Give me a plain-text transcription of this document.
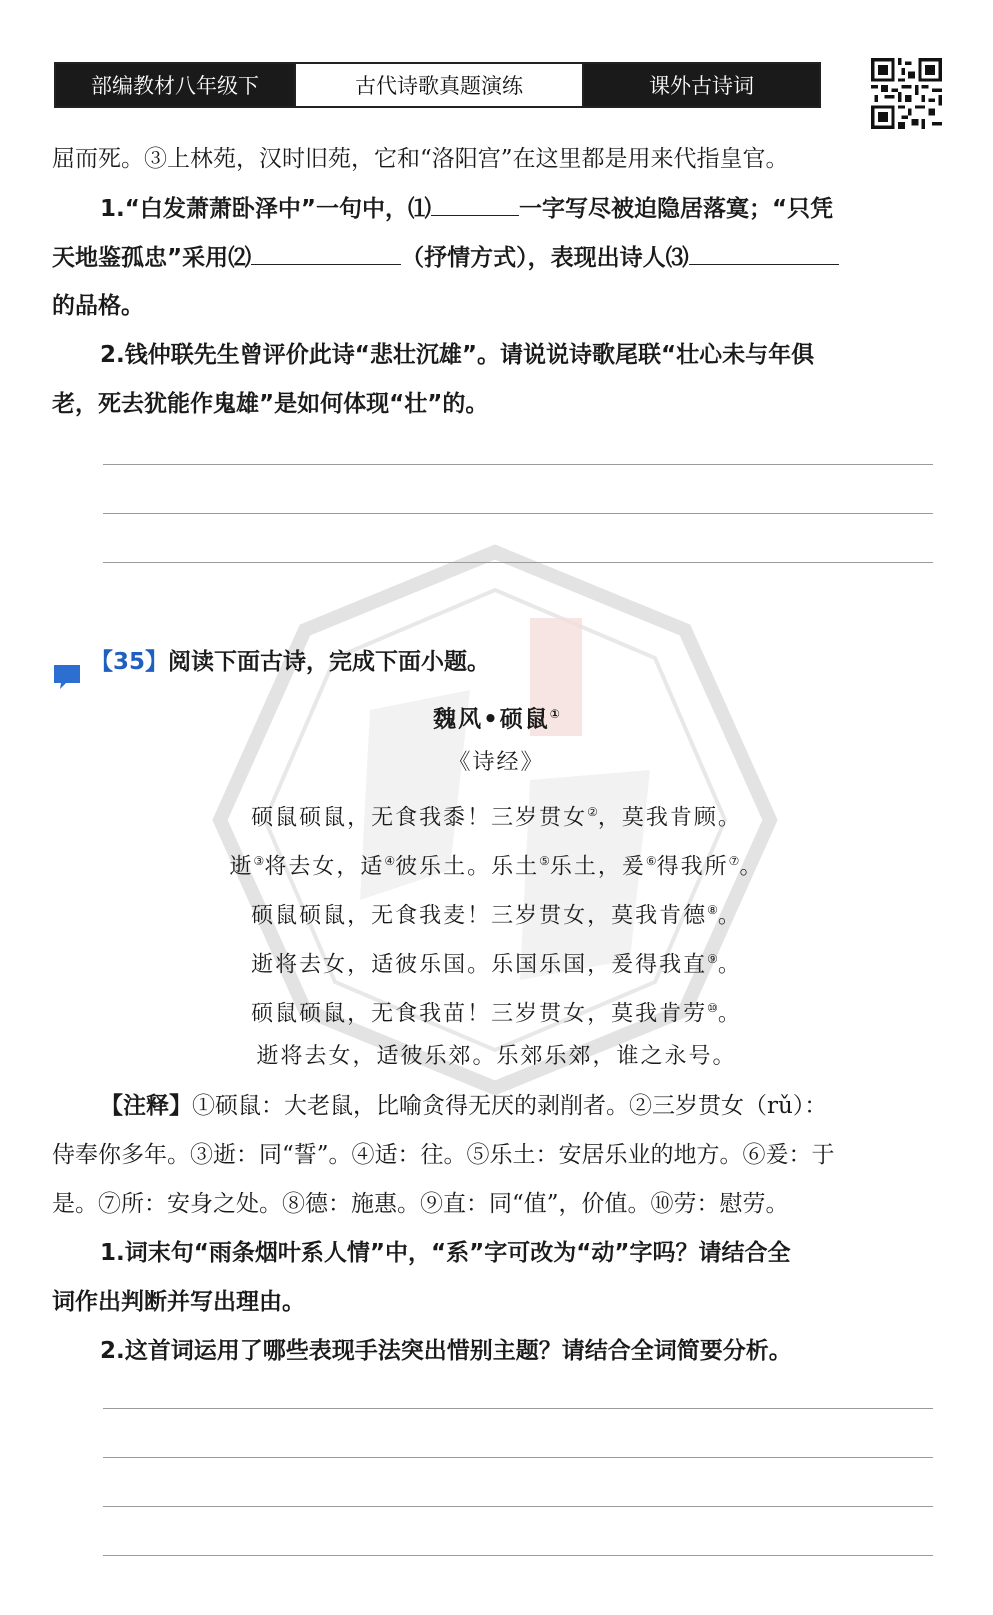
部编教材八年级下	古代诗歌真题演练	课外古诗词
屈而死。③上林苑，汉时旧苑，它和“洛阳宫”在这里都是用来代指皇官。
1.“白发萧萧卧泽中”一句中，⑴	一字写尽被迫隐居落寞；“只凭
天地鉴孤忠”采用⑵	（抒情方式），表现出诗人⑶
的品格。
2.钱仲联先生曾评价此诗“悲壮沉雄”。请说说诗歌尾联“壮心未与年俱
老，死去犹能作鬼雄”是如何体现“壮”的。
【35】阅读下面古诗，完成下面小题。
魏风•硕鼠①
《诗经》
硕鼠硕鼠，无食我黍！三岁贯女②，莫我肯顾。
逝③将去女，适④彼乐土。乐土⑤乐土，爰⑥得我所⑦。
硕鼠硕鼠，无食我麦！三岁贯女，莫我肯德⑧。
逝将去女，适彼乐国。乐国乐国，爰得我直⑨。
硕鼠硕鼠，无食我苗！三岁贯女，莫我肯劳⑩。
逝将去女，适彼乐郊。乐郊乐郊，谁之永号。
【注释】①硕鼠：大老鼠，比喻贪得无厌的剥削者。②三岁贯女（rǔ）：
侍奉你多年。③逝：同“誓”。④适：往。⑤乐土：安居乐业的地方。⑥爰：于
是。⑦所：安身之处。⑧德：施惠。⑨直：同“值”，价值。⑩劳：慰劳。
1.词末句“雨条烟叶系人情”中，“系”字可改为“动”字吗？请结合全
词作出判断并写出理由。
2.这首词运用了哪些表现手法突出惜别主题？请结合全词简要分析。
